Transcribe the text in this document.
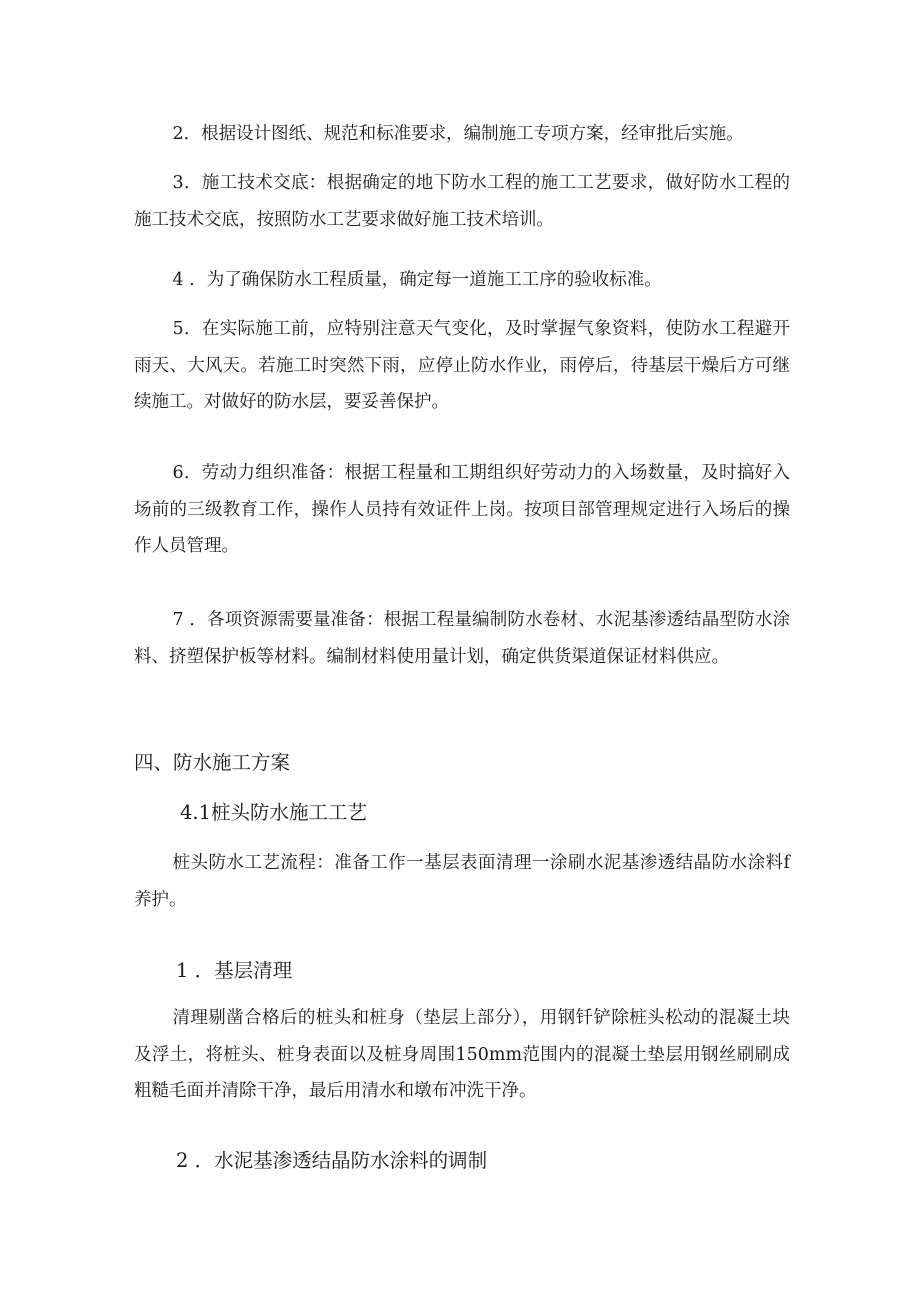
2．根据设计图纸、规范和标准要求，编制施工专项方案，经审批后实施。

3．施工技术交底：根据确定的地下防水工程的施工工艺要求，做好防水工程的施工技术交底，按照防水工艺要求做好施工技术培训。

4 ．为了确保防水工程质量，确定每一道施工工序的验收标准。

5．在实际施工前，应特别注意天气变化，及时掌握气象资料，使防水工程避开雨天、大风天。若施工时突然下雨，应停止防水作业，雨停后，待基层干燥后方可继续施工。对做好的防水层，要妥善保护。

6．劳动力组织准备：根据工程量和工期组织好劳动力的入场数量，及时搞好入场前的三级教育工作，操作人员持有效证件上岗。按项目部管理规定进行入场后的操作人员管理。

7 ．各项资源需要量准备：根据工程量编制防水卷材、水泥基渗透结晶型防水涂料、挤塑保护板等材料。编制材料使用量计划，确定供货渠道保证材料供应。

四、防水施工方案
4.1桩头防水施工工艺

桩头防水工艺流程：准备工作一基层表面清理一涂刷水泥基渗透结晶防水涂料f养护。

1 ．基层清理

清理剔凿合格后的桩头和桩身（垫层上部分），用钢钎铲除桩头松动的混凝土块及浮土，将桩头、桩身表面以及桩身周围150mm范围内的混凝土垫层用钢丝刷刷成粗糙毛面并清除干净，最后用清水和墩布冲洗干净。

2 ．水泥基渗透结晶防水涂料的调制
